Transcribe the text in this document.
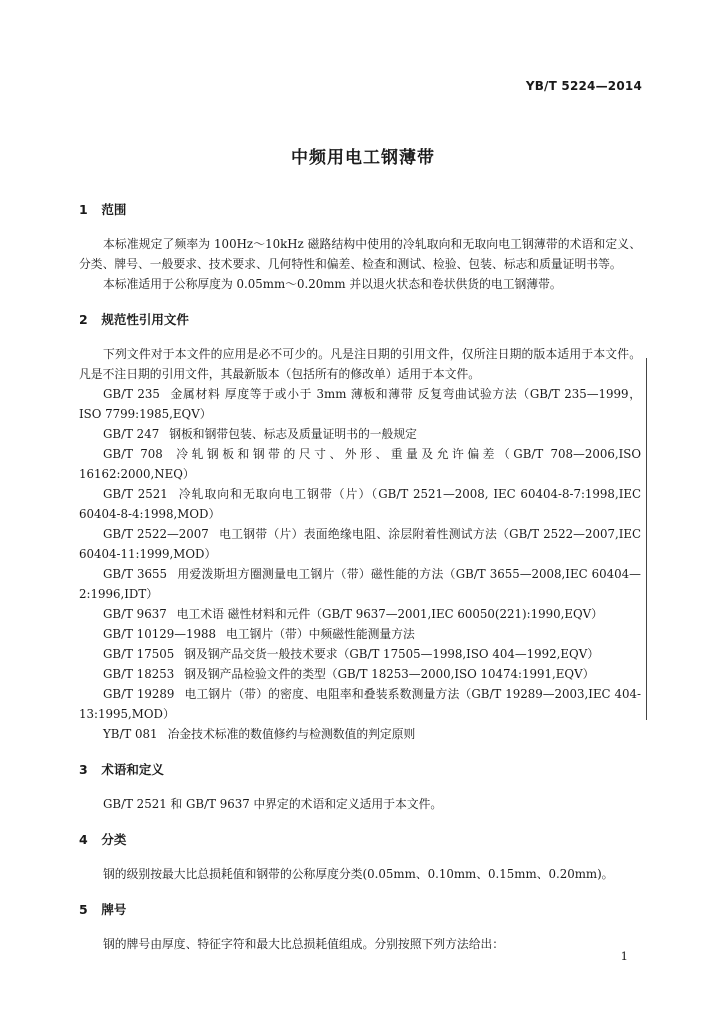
YB/T 5224—2014
中频用电工钢薄带
1 范围

本标准规定了频率为 100Hz～10kHz 磁路结构中使用的冷轧取向和无取向电工钢薄带的术语和定义、分类、牌号、一般要求、技术要求、几何特性和偏差、检查和测试、检验、包装、标志和质量证明书等。

本标准适用于公称厚度为 0.05mm～0.20mm 并以退火状态和卷状供货的电工钢薄带。

2 规范性引用文件

下列文件对于本文件的应用是必不可少的。凡是注日期的引用文件，仅所注日期的版本适用于本文件。凡是不注日期的引用文件，其最新版本（包括所有的修改单）适用于本文件。

GB/T 235 金属材料 厚度等于或小于 3mm 薄板和薄带 反复弯曲试验方法（GB/T 235—1999，ISO 7799:1985,EQV）

GB/T 247 钢板和钢带包装、标志及质量证明书的一般规定

GB/T 708 冷轧钢板和钢带的尺寸、外形、重量及允许偏差（GB/T 708—2006,ISO 16162:2000,NEQ）

GB/T 2521 冷轧取向和无取向电工钢带（片）（GB/T 2521—2008, IEC 60404-8-7:1998,IEC 60404-8-4:1998,MOD）

GB/T 2522—2007 电工钢带（片）表面绝缘电阻、涂层附着性测试方法（GB/T 2522—2007,IEC 60404-11:1999,MOD）

GB/T 3655 用爱泼斯坦方圈测量电工钢片（带）磁性能的方法（GB/T 3655—2008,IEC 60404—2:1996,IDT）

GB/T 9637 电工术语 磁性材料和元件（GB/T 9637—2001,IEC 60050(221):1990,EQV）

GB/T 10129—1988 电工钢片（带）中频磁性能测量方法

GB/T 17505 钢及钢产品交货一般技术要求（GB/T 17505—1998,ISO 404—1992,EQV）

GB/T 18253 钢及钢产品检验文件的类型（GB/T 18253—2000,ISO 10474:1991,EQV）

GB/T 19289 电工钢片（带）的密度、电阻率和叠装系数测量方法（GB/T 19289—2003,IEC 404-13:1995,MOD）

YB/T 081 冶金技术标准的数值修约与检测数值的判定原则

3 术语和定义

GB/T 2521 和 GB/T 9637 中界定的术语和定义适用于本文件。

4 分类

钢的级别按最大比总损耗值和钢带的公称厚度分类(0.05mm、0.10mm、0.15mm、0.20mm)。

5 牌号

钢的牌号由厚度、特征字符和最大比总损耗值组成。分别按照下列方法给出：

1
